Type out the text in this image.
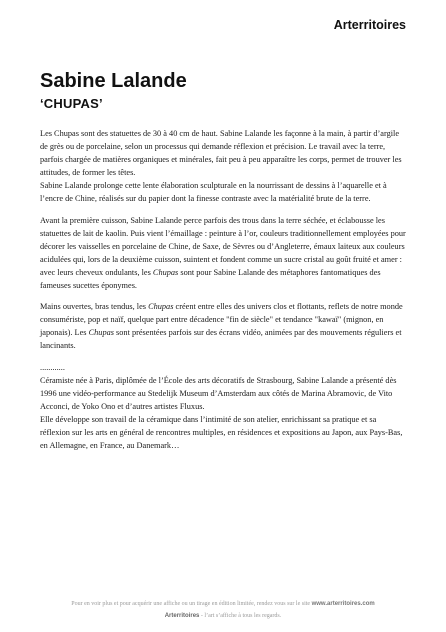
Arterritoires
Sabine Lalande
‘CHUPAS’

Les Chupas sont des statuettes de 30 à 40 cm de haut. Sabine Lalande les façonne à la main, à partir d’argile de grès ou de porcelaine, selon un processus qui demande réflexion et précision. Le travail avec la terre, parfois chargée de matières organiques et minérales, fait peu à peu apparaître les corps, permet de trouver les attitudes, de former les têtes.

Sabine Lalande prolonge cette lente élaboration sculpturale en la nourrissant de dessins à l’aquarelle et à l’encre de Chine, réalisés sur du papier dont la finesse contraste avec la matérialité brute de la terre.

Avant la première cuisson, Sabine Lalande perce parfois des trous dans la terre séchée, et éclabousse les statuettes de lait de kaolin. Puis vient l’émaillage : peinture à l’or, couleurs traditionnellement employées pour décorer les vaisselles en porcelaine de Chine, de Saxe, de Sèvres ou d’Angleterre, émaux laiteux aux couleurs acidulées qui, lors de la deuxième cuisson, suintent et fondent comme un sucre cristal au goût fruité et amer : avec leurs cheveux ondulants, les Chupas sont pour Sabine Lalande des métaphores fantomatiques des fameuses sucettes éponymes.

Mains ouvertes, bras tendus, les Chupas créent entre elles des univers clos et flottants, reflets de notre monde consumériste, pop et naïf, quelque part entre décadence "fin de siècle" et tendance "kawaï" (mignon, en japonais). Les Chupas sont présentées parfois sur des écrans vidéo, animées par des mouvements réguliers et lancinants.

............

Céramiste née à Paris, diplômée de l’École des arts décoratifs de Strasbourg, Sabine Lalande a présenté dès 1996 une vidéo-performance au Stedelijk Museum d’Amsterdam aux côtés de Marina Abramovic, de Vito Acconci, de Yoko Ono et d’autres artistes Fluxus.

Elle développe son travail de la céramique dans l’intimité de son atelier, enrichissant sa pratique et sa réflexion sur les arts en général de rencontres multiples, en résidences et expositions au Japon, aux Pays-Bas, en Allemagne, en France, au Danemark…

Pour en voir plus et pour acquérir une affiche ou un tirage en édition limitée, rendez vous sur le site www.arterritoires.com
Arterritoires - l’art s’affiche à tous les regards.
